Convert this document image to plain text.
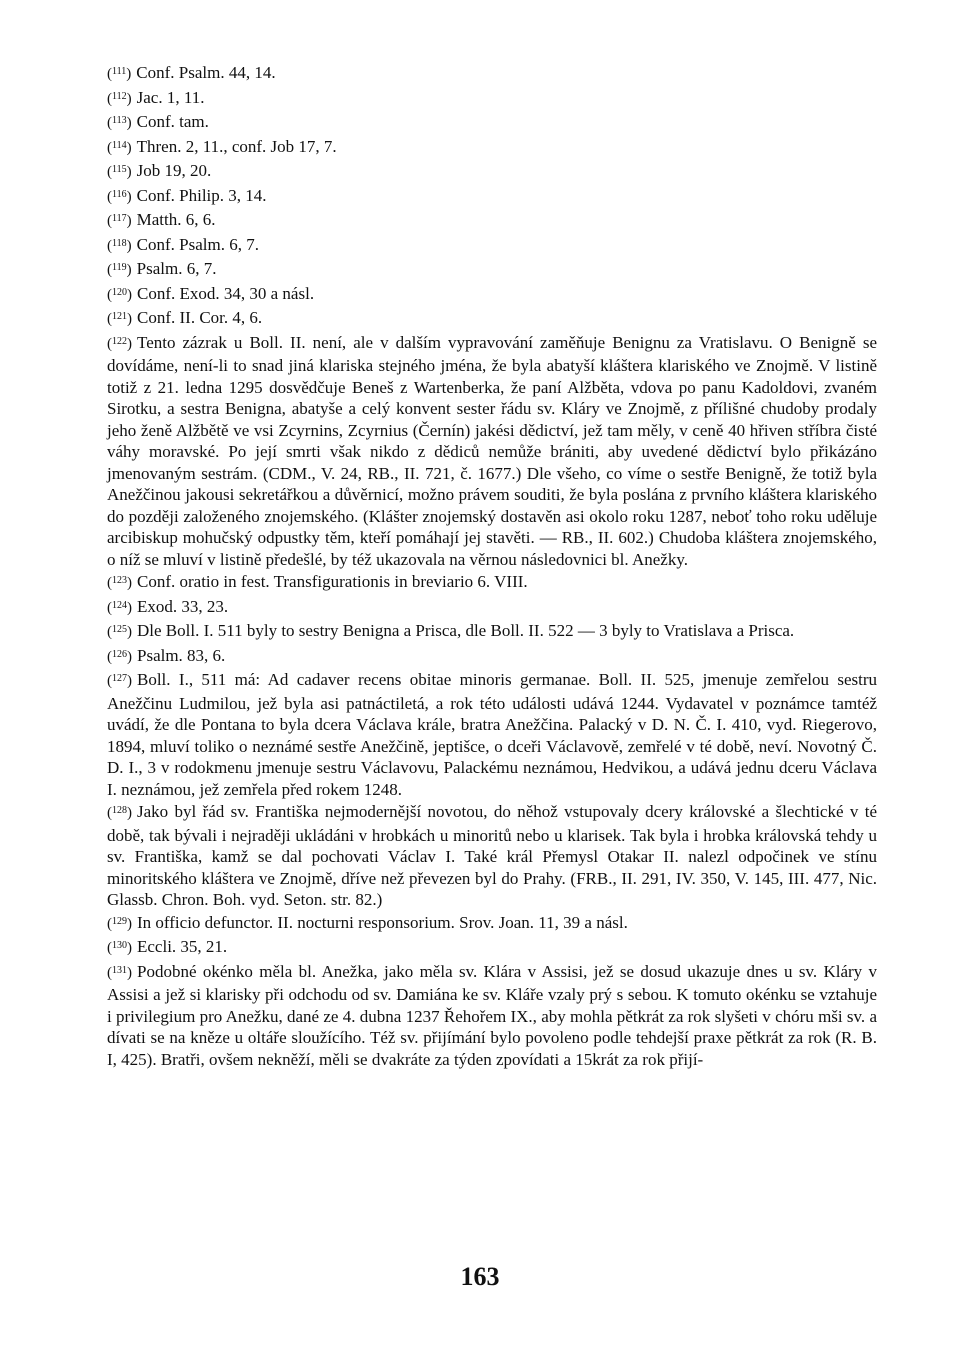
($^{111}$) Conf. Psalm. 44, 14.

($^{112}$) Jac. 1, 11.

($^{113}$) Conf. tam.

($^{114}$) Thren. 2, 11., conf. Job 17, 7.

($^{115}$) Job 19, 20.

($^{116}$) Conf. Philip. 3, 14.

($^{117}$) Matth. 6, 6.

($^{118}$) Conf. Psalm. 6, 7.

($^{119}$) Psalm. 6, 7.

($^{120}$) Conf. Exod. 34, 30 a násl.

($^{121}$) Conf. II. Cor. 4, 6.

($^{122}$) Tento zázrak u Boll. II. není, ale v dalším vypravování zaměňuje Benignu za Vratislavu. O Benigně se dovídáme, není-li to snad jiná klariska stejného jména, že byla abatyší kláštera klariského ve Znojmě. V listině totiž z 21. ledna 1295 dosvědčuje Beneš z Wartenberka, že paní Alžběta, vdova po panu Kadoldovi, zvaném Sirotku, a sestra Benigna, abatyše a celý konvent sester řádu sv. Kláry ve Znojmě, z přílišné chudoby prodaly jeho ženě Alžbětě ve vsi Zcyrnins, Zcyrnius (Černín) jakési dědictví, jež tam měly, v ceně 40 hřiven stříbra čisté váhy moravské. Po její smrti však nikdo z dědiců nemůže brániti, aby uvedené dědictví bylo přikázáno jmenovaným sestrám. (CDM., V. 24, RB., II. 721, č. 1677.) Dle všeho, co víme o sestře Benigně, že totiž byla Anežčinou jakousi sekretářkou a důvěrnicí, možno právem souditi, že byla poslána z prvního kláštera klariského do později založeného znojemského. (Klášter znojemský dostavěn asi okolo roku 1287, neboť toho roku uděluje arcibiskup mohučský odpustky těm, kteří pomáhají jej stavěti. — RB., II. 602.) Chudoba kláštera znojemského, o níž se mluví v listině předešlé, by též ukazovala na věrnou následovnici bl. Anežky.

($^{123}$) Conf. oratio in fest. Transfigurationis in breviario 6. VIII.

($^{124}$) Exod. 33, 23.

($^{125}$) Dle Boll. I. 511 byly to sestry Benigna a Prisca, dle Boll. II. 522 — 3 byly to Vratislava a Prisca.

($^{126}$) Psalm. 83, 6.

($^{127}$) Boll. I., 511 má: Ad cadaver recens obitae minoris germanae. Boll. II. 525, jmenuje zemřelou sestru Anežčinu Ludmilou, jež byla asi patnáctiletá, a rok této události udává 1244. Vydavatel v poznámce tamtéž uvádí, že dle Pontana to byla dcera Václava krále, bratra Anežčina. Palacký v D. N. Č. I. 410, vyd. Riegerovo, 1894, mluví toliko o neznámé sestře Anežčině, jeptišce, o dceři Václavově, zemřelé v té době, neví. Novotný Č. D. I., 3 v rodokmenu jmenuje sestru Václavovu, Palackému neznámou, Hedvikou, a udává jednu dceru Václava I. neznámou, jež zemřela před rokem 1248.

($^{128}$) Jako byl řád sv. Františka nejmodernější novotou, do něhož vstupovaly dcery královské a šlechtické v té době, tak bývali i nejraději ukládáni v hrobkách u minoritů nebo u klarisek. Tak byla i hrobka královská tehdy u sv. Františka, kamž se dal pochovati Václav I. Také král Přemysl Otakar II. nalezl odpočinek ve stínu minoritského kláštera ve Znojmě, dříve než převezen byl do Prahy. (FRB., II. 291, IV. 350, V. 145, III. 477, Nic. Glassb. Chron. Boh. vyd. Seton. str. 82.)

($^{129}$) In officio defunctor. II. nocturni responsorium. Srov. Joan. 11, 39 a násl.

($^{130}$) Eccli. 35, 21.

($^{131}$) Podobné okénko měla bl. Anežka, jako měla sv. Klára v Assisi, jež se dosud ukazuje dnes u sv. Kláry v Assisi a jež si klarisky při odchodu od sv. Damiána ke sv. Kláře vzaly prý s sebou. K tomuto okénku se vztahuje i privilegium pro Anežku, dané ze 4. dubna 1237 Řehořem IX., aby mohla pětkrát za rok slyšeti v chóru mši sv. a dívati se na kněze u oltáře sloužícího. Též sv. přijímání bylo povoleno podle tehdejší praxe pětkrát za rok (R. B. I, 425). Bratři, ovšem nekněží, měli se dvakráte za týden zpovídati a 15krát za rok přijí-

163
